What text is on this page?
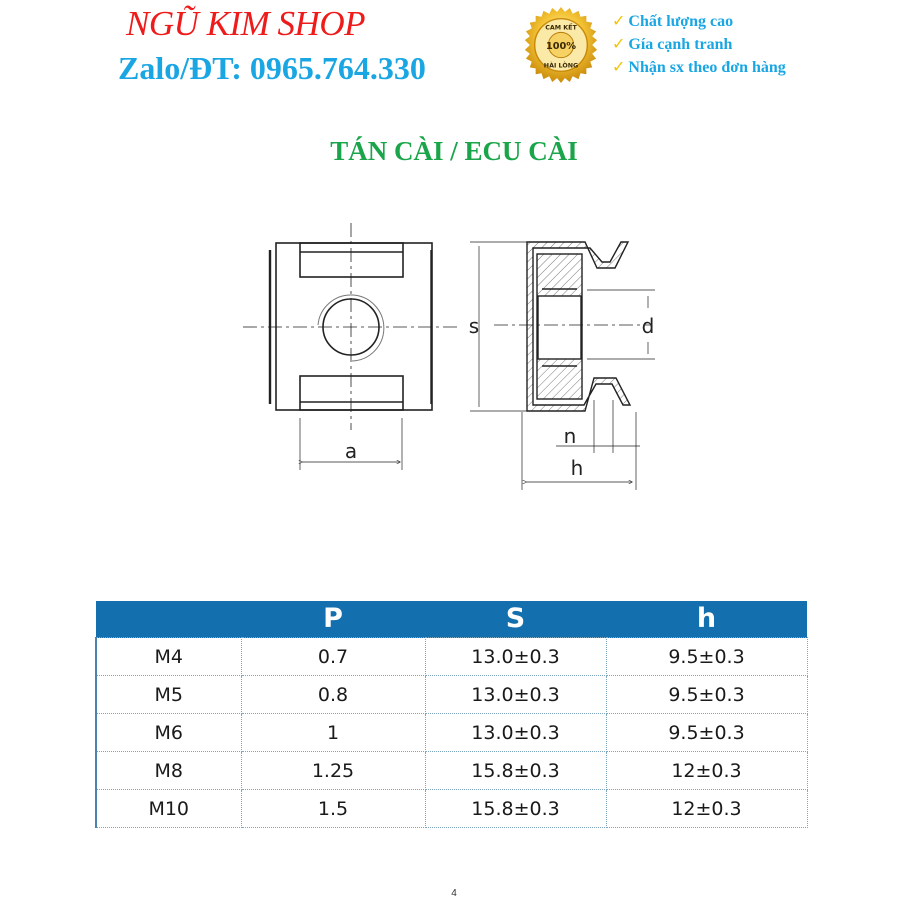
NGŨ KIM SHOP
Zalo/ĐT: 0965.764.330
100%
CAM KẾT
HÀI LÒNG
✓ Chất lượng cao
✓ Gía cạnh tranh
✓ Nhận sx theo đơn hàng
TÁN CÀI / ECU CÀI
a
s	d
n
h
	P	S	h
M4	0.7	13.0±0.3	9.5±0.3
M5	0.8	13.0±0.3	9.5±0.3
M6	1	13.0±0.3	9.5±0.3
M8	1.25	15.8±0.3	12±0.3
M10	1.5	15.8±0.3	12±0.3
4
